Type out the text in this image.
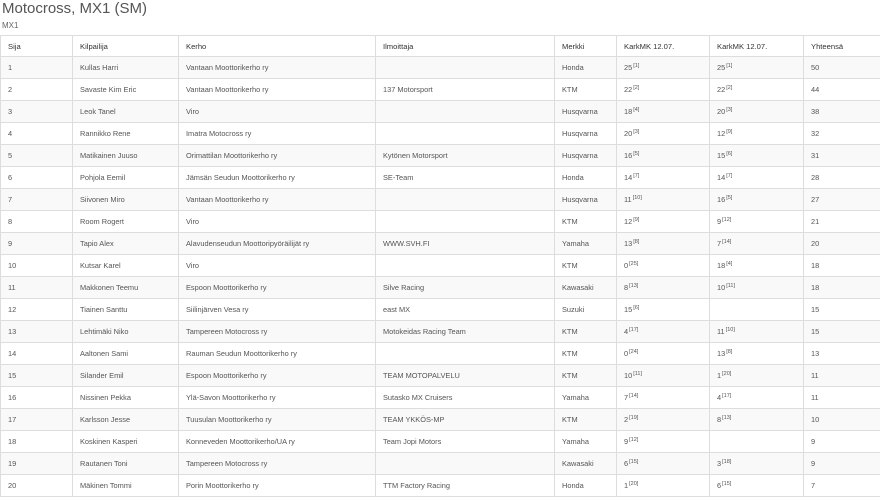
Motocross, MX1 (SM)
MX1
Sija	Kilpailija	Kerho	Ilmoittaja	Merkki	KarkMK 12.07.	KarkMK 12.07.	Yhteensä
1	Kullas Harri	Vantaan Moottorikerho ry		Honda	25[1]	25[1]	50
2	Savaste Kim Eric	Vantaan Moottorikerho ry	137 Motorsport	KTM	22[2]	22[2]	44
3	Leok Tanel	Viro		Husqvarna	18[4]	20[3]	38
4	Rannikko Rene	Imatra Motocross ry		Husqvarna	20[3]	12[9]	32
5	Matikainen Juuso	Orimattilan Moottorikerho ry	Kytönen Motorsport	Husqvarna	16[5]	15[6]	31
6	Pohjola Eemil	Jämsän Seudun Moottorikerho ry	SE-Team	Honda	14[7]	14[7]	28
7	Siivonen Miro	Vantaan Moottorikerho ry		Husqvarna	11[10]	16[5]	27
8	Room Rogert	Viro		KTM	12[9]	9[12]	21
9	Tapio Alex	Alavudenseudun Moottoripyöräilijät ry	WWW.SVH.FI	Yamaha	13[8]	7[14]	20
10	Kutsar Karel	Viro		KTM	0[25]	18[4]	18
11	Makkonen Teemu	Espoon Moottorikerho ry	Silve Racing	Kawasaki	8[13]	10[11]	18
12	Tiainen Santtu	Siilinjärven Vesa ry	east MX	Suzuki	15[6]		15
13	Lehtimäki Niko	Tampereen Motocross ry	Motokeidas Racing Team	KTM	4[17]	11[10]	15
14	Aaltonen Sami	Rauman Seudun Moottorikerho ry		KTM	0[24]	13[8]	13
15	Silander Emil	Espoon Moottorikerho ry	TEAM MOTOPALVELU	KTM	10[11]	1[20]	11
16	Nissinen Pekka	Ylä-Savon Moottorikerho ry	Sutasko MX Cruisers	Yamaha	7[14]	4[17]	11
17	Karlsson Jesse	Tuusulan Moottorikerho ry	TEAM YKKÖS-MP	KTM	2[19]	8[13]	10
18	Koskinen Kasperi	Konneveden Moottorikerho/UA ry	Team Jopi Motors	Yamaha	9[12]		9
19	Rautanen Toni	Tampereen Motocross ry		Kawasaki	6[15]	3[18]	9
20	Mäkinen Tommi	Porin Moottorikerho ry	TTM Factory Racing	Honda	1[20]	6[15]	7
